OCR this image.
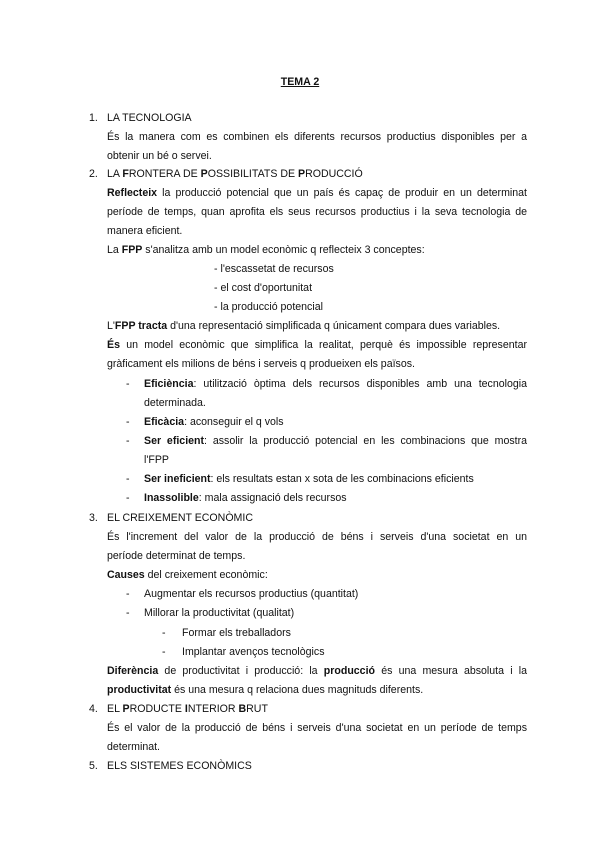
TEMA 2
1. LA TECNOLOGIA
És la manera com es combinen els diferents recursos productius disponibles per a
obtenir un bé o servei.
2. LA FRONTERA DE POSSIBILITATS DE PRODUCCIÓ
Reflecteix la producció potencial que un país és capaç de produir en un determinat
període de temps, quan aprofita els seus recursos productius i la seva tecnologia de
manera eficient.
La FPP s'analitza amb un model econòmic q reflecteix 3 conceptes:
- l'escassetat de recursos
- el cost d'oportunitat
- la producció potencial
L'FPP tracta d'una representació simplificada q únicament compara dues variables.
És un model econòmic que simplifica la realitat, perquè és impossible representar
gràficament els milions de béns i serveis q produeixen els països.
- Eficiència: utilització òptima dels recursos disponibles amb una tecnologia
determinada.
- Eficàcia: aconseguir el q vols
- Ser eficient: assolir la producció potencial en les combinacions que mostra
l'FPP
- Ser ineficient: els resultats estan x sota de les combinacions eficients
- Inassolible: mala assignació dels recursos
3. EL CREIXEMENT ECONÒMIC
És l'increment del valor de la producció de béns i serveis d'una societat en un
període determinat de temps.
Causes del creixement econòmic:
- Augmentar els recursos productius (quantitat)
- Millorar la productivitat (qualitat)
- Formar els treballadors
- Implantar avenços tecnològics
Diferència de productivitat i producció: la producció és una mesura absoluta i la
productivitat és una mesura q relaciona dues magnituds diferents.
4. EL PRODUCTE INTERIOR BRUT
És el valor de la producció de béns i serveis d'una societat en un període de temps
determinat.
5. ELS SISTEMES ECONÒMICS
